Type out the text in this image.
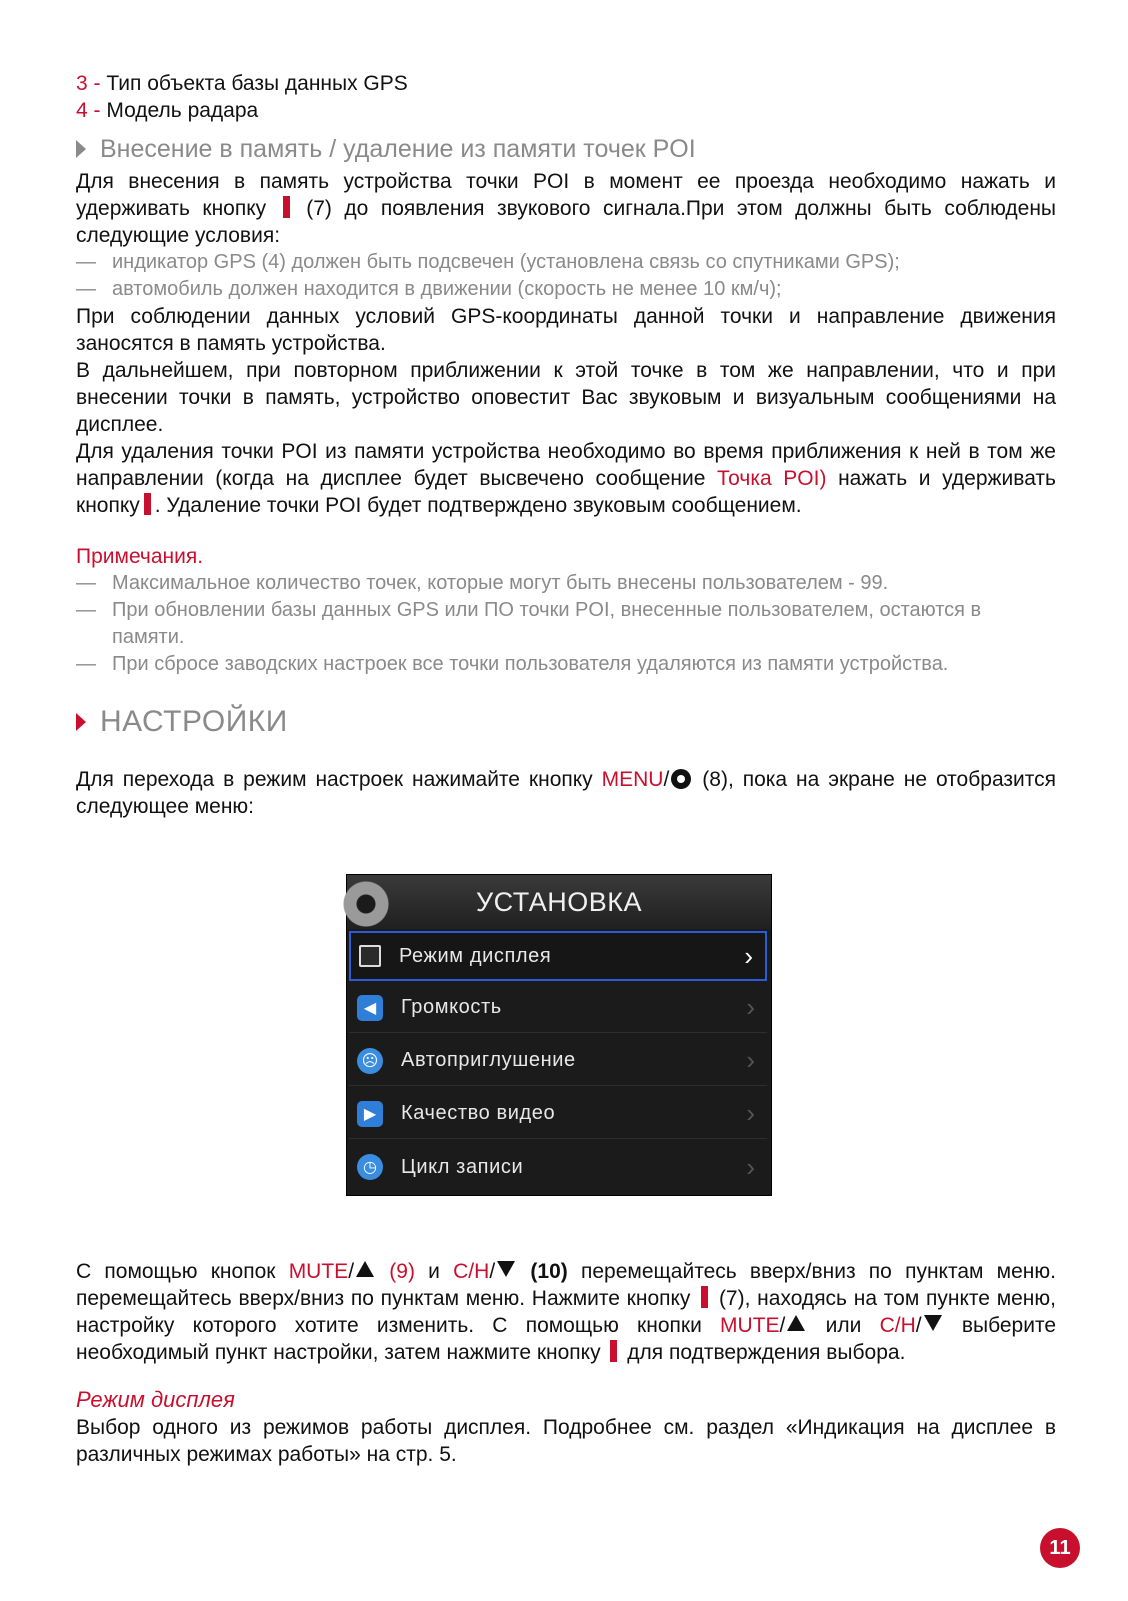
3 - Тип объекта базы данных GPS
4 - Модель радара
Внесение в память / удаление из памяти точек POI

Для внесения в память устройства точки POI в момент ее проезда необходимо нажать и удерживать кнопку (7) до появления звукового сигнала.При этом должны быть соблюдены следующие условия:

— индикатор GPS (4) должен быть подсвечен (установлена связь со спутниками GPS);

— автомобиль должен находится в движении (скорость не менее 10 км/ч);

При соблюдении данных условий GPS-координаты данной точки и направление движения заносятся в память устройства.

В дальнейшем, при повторном приближении к этой точке в том же направлении, что и при внесении точки в память, устройство оповестит Вас звуковым и визуальным сообщениями на дисплее.

Для удаления точки POI из памяти устройства необходимо во время приближения к ней в том же направлении (когда на дисплее будет высвечено сообщение Точка POI) нажать и удерживать кнопку . Удаление точки POI будет подтверждено звуковым сообщением.

Примечания.

— Максимальное количество точек, которые могут быть внесены пользователем - 99.

— При обновлении базы данных GPS или ПО точки POI, внесенные пользователем, остаются в памяти.

— При сбросе заводских настроек все точки пользователя удаляются из памяти устройства.

НАСТРОЙКИ

Для перехода в режим настроек нажимайте кнопку MENU/ (8), пока на экране не отобразится следующее меню:

УСТАНОВКА
Режим дисплея	›
◀	Громкость	›
☹ Автоприглушение	›
▶	Качество видео	›
◷	Цикл записи	›

С помощью кнопок MUTE/ (9) и C/H/ (10) перемещайтесь вверх/вниз по пунктам меню. перемещайтесь вверх/вниз по пунктам меню. Нажмите кнопку (7), находясь на том пункте меню, настройку которого хотите изменить. С помощью кнопки MUTE/ или C/H/ выберите необходимый пункт настройки, затем нажмите кнопку для подтверждения выбора.

Режим дисплея

Выбор одного из режимов работы дисплея. Подробнее см. раздел «Индикация на дисплее в различных режимах работы» на стр. 5.

11
